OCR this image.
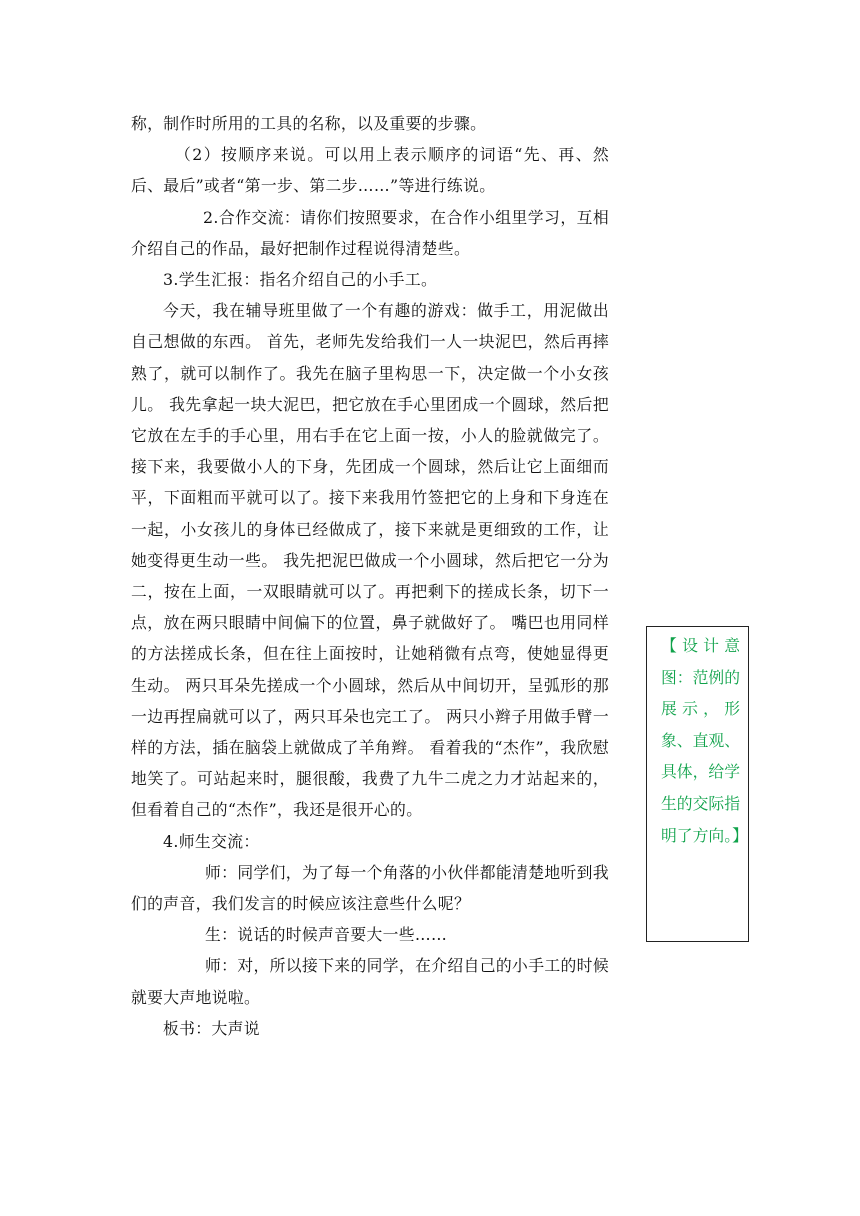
称，制作时所用的工具的名称，以及重要的步骤。

（2）按顺序来说。可以用上表示顺序的词语“先、再、然后、最后”或者“第一步、第二步……”等进行练说。

2.合作交流：请你们按照要求，在合作小组里学习，互相介绍自己的作品，最好把制作过程说得清楚些。

3.学生汇报：指名介绍自己的小手工。

今天，我在辅导班里做了一个有趣的游戏：做手工，用泥做出自己想做的东西。 首先，老师先发给我们一人一块泥巴，然后再摔熟了，就可以制作了。我先在脑子里构思一下，决定做一个小女孩儿。 我先拿起一块大泥巴，把它放在手心里团成一个圆球，然后把它放在左手的手心里，用右手在它上面一按，小人的脸就做完了。 接下来，我要做小人的下身，先团成一个圆球，然后让它上面细而平，下面粗而平就可以了。接下来我用竹签把它的上身和下身连在一起，小女孩儿的身体已经做成了，接下来就是更细致的工作，让她变得更生动一些。 我先把泥巴做成一个小圆球，然后把它一分为二，按在上面，一双眼睛就可以了。再把剩下的搓成长条，切下一点，放在两只眼睛中间偏下的位置，鼻子就做好了。 嘴巴也用同样的方法搓成长条，但在往上面按时，让她稍微有点弯，使她显得更生动。 两只耳朵先搓成一个小圆球，然后从中间切开，呈弧形的那一边再捏扁就可以了，两只耳朵也完工了。 两只小辫子用做手臂一样的方法，插在脑袋上就做成了羊角辫。 看着我的“杰作”，我欣慰地笑了。可站起来时，腿很酸，我费了九牛二虎之力才站起来的，但看着自己的“杰作”，我还是很开心的。

4.师生交流：

师：同学们，为了每一个角落的小伙伴都能清楚地听到我们的声音，我们发言的时候应该注意些什么呢？

生：说话的时候声音要大一些……

师：对，所以接下来的同学，在介绍自己的小手工的时候就要大声地说啦。

板书：大声说

【设计意图：范例的展示，形象、直观、具体，给学生的交际指明了方向。】
